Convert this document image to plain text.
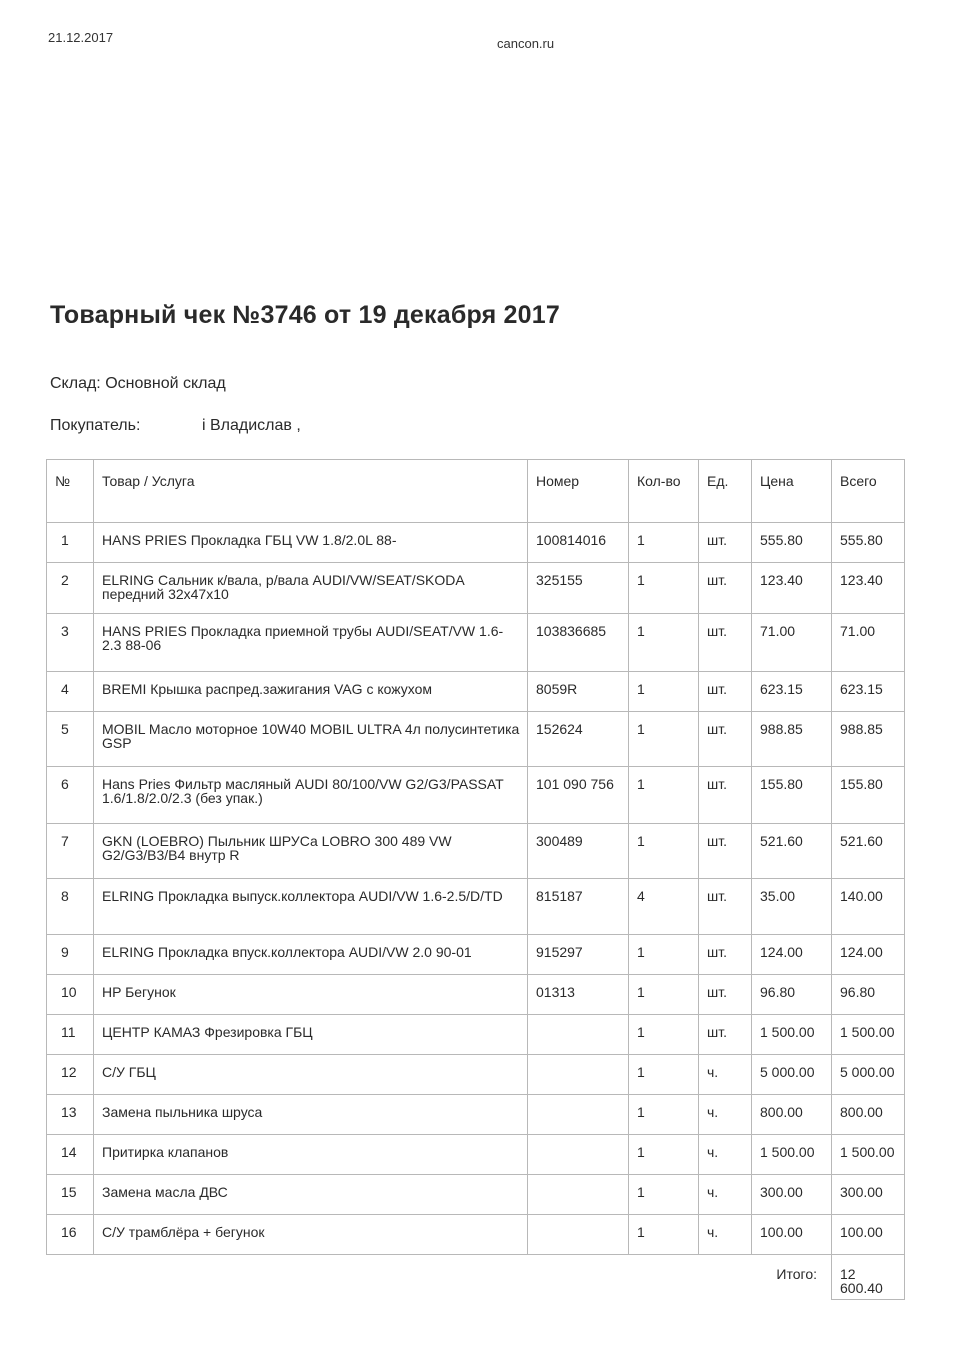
21.12.2017	cancon.ru
Товарный чек №3746 от 19 декабря 2017
Склад: Основной склад
Покупатель:	і Владислав ,
№	Товар / Услуга	Номер	Кол-во	Ед.	Цена	Всего
1	HANS PRIES Прокладка ГБЦ VW 1.8/2.0L 88-	100814016	1	шт.	555.80	555.80
2	ELRING Сальник к/вала, р/вала AUDI/VW/SEAT/SKODA передний 32x47x10	325155	1	шт.	123.40	123.40
3	HANS PRIES Прокладка приемной трубы AUDI/SEAT/VW 1.6-2.3 88-06	103836685	1	шт.	71.00	71.00
4	BREMI Крышка распред.зажигания VAG с кожухом	8059R	1	шт.	623.15	623.15
5	MOBIL Масло моторное 10W40 MOBIL ULTRA 4л полусинтетика GSP	152624	1	шт.	988.85	988.85
6	Hans Pries Фильтр масляный AUDI 80/100/VW G2/G3/PASSAT 1.6/1.8/2.0/2.3 (без упак.)	101 090 756	1	шт.	155.80	155.80
7	GKN (LOEBRO) Пыльник ШРУСа LOBRO 300 489 VW G2/G3/B3/B4 внутр R	300489	1	шт.	521.60	521.60
8	ELRING Прокладка выпуск.коллектора AUDI/VW 1.6-2.5/D/TD	815187	4	шт.	35.00	140.00
9	ELRING Прокладка впуск.коллектора AUDI/VW 2.0 90-01	915297	1	шт.	124.00	124.00
10	HP Бегунок	01313	1	шт.	96.80	96.80
11	ЦЕНТР КАМАЗ Фрезировка ГБЦ		1	шт.	1 500.00	1 500.00
12	С/У ГБЦ		1	ч.	5 000.00	5 000.00
13	Замена пыльника шруса		1	ч.	800.00	800.00
14	Притирка клапанов		1	ч.	1 500.00	1 500.00
15	Замена масла ДВС		1	ч.	300.00	300.00
16	С/У трамблёра + бегунок		1	ч.	100.00	100.00
Итого:						12 600.40
